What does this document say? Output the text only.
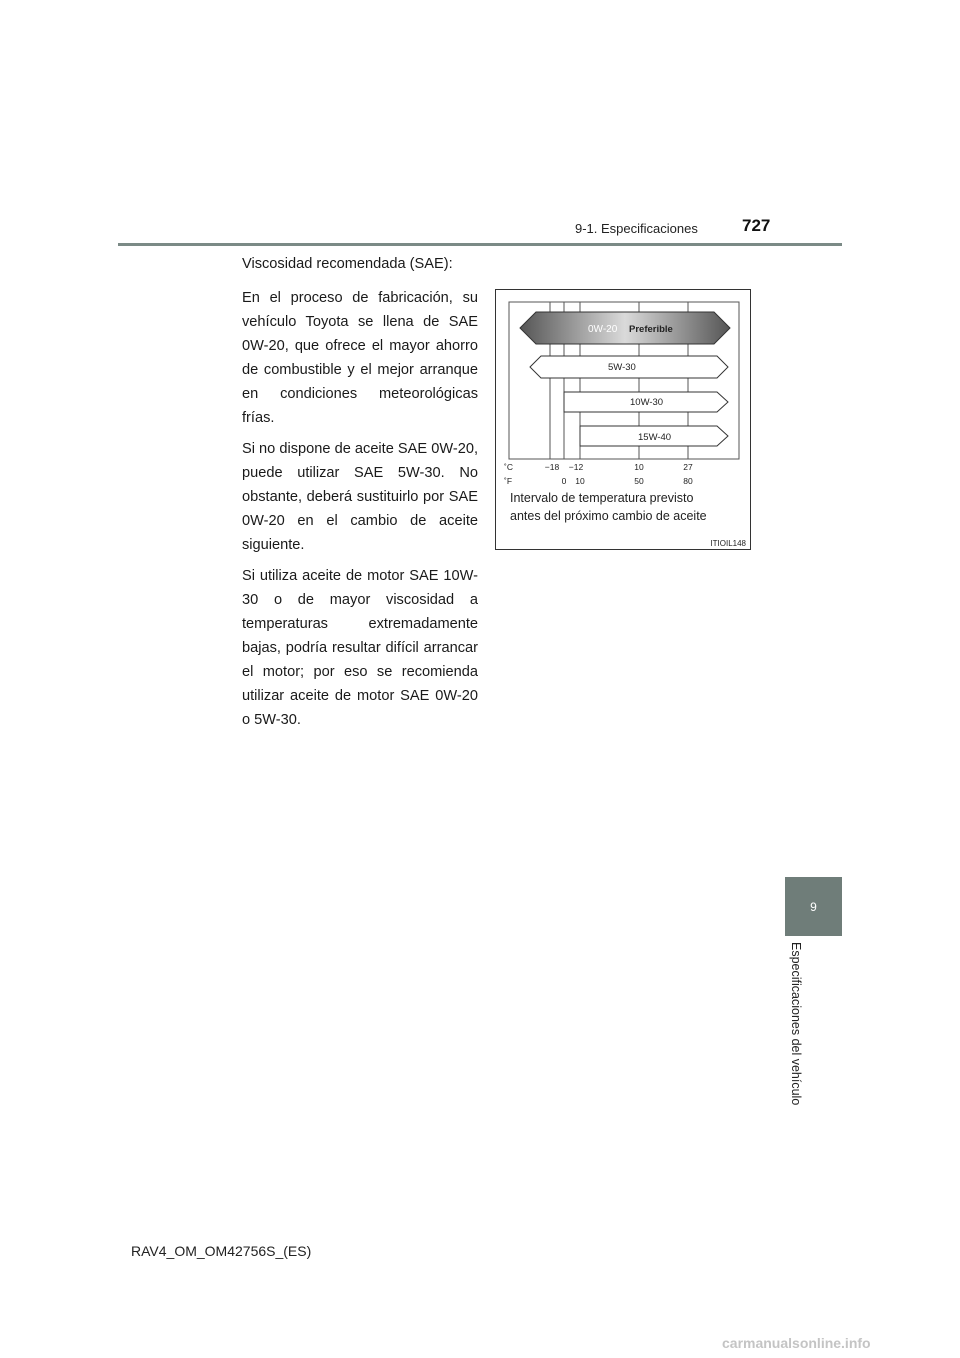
9-1. Especificaciones	727

Viscosidad recomendada (SAE):

En el proceso de fabricación, su vehículo Toyota se llena de SAE 0W-20, que ofrece el mayor ahorro de combustible y el mejor arranque en condiciones meteorológicas frías.

Si no dispone de aceite SAE 0W-20, puede utilizar SAE 5W-30. No obstante, deberá sustituirlo por SAE 0W-20 en el cambio de aceite siguiente.

Si utiliza aceite de motor SAE 10W-30 o de mayor viscosidad a temperaturas extremadamente bajas, podría resultar difícil arrancar el motor; por eso se recomienda utilizar aceite de motor SAE 0W-20 o 5W-30.

0W-20 Preferible
5W-30
10W-30
15W-40
˚C
˚F
−18 −12	10	27
0 10	50	80
Intervalo de temperatura previsto
antes del próximo cambio de aceite
ITIOIL148
9
Especificaciones del vehículo
RAV4_OM_OM42756S_(ES)
carmanualsonline.info
